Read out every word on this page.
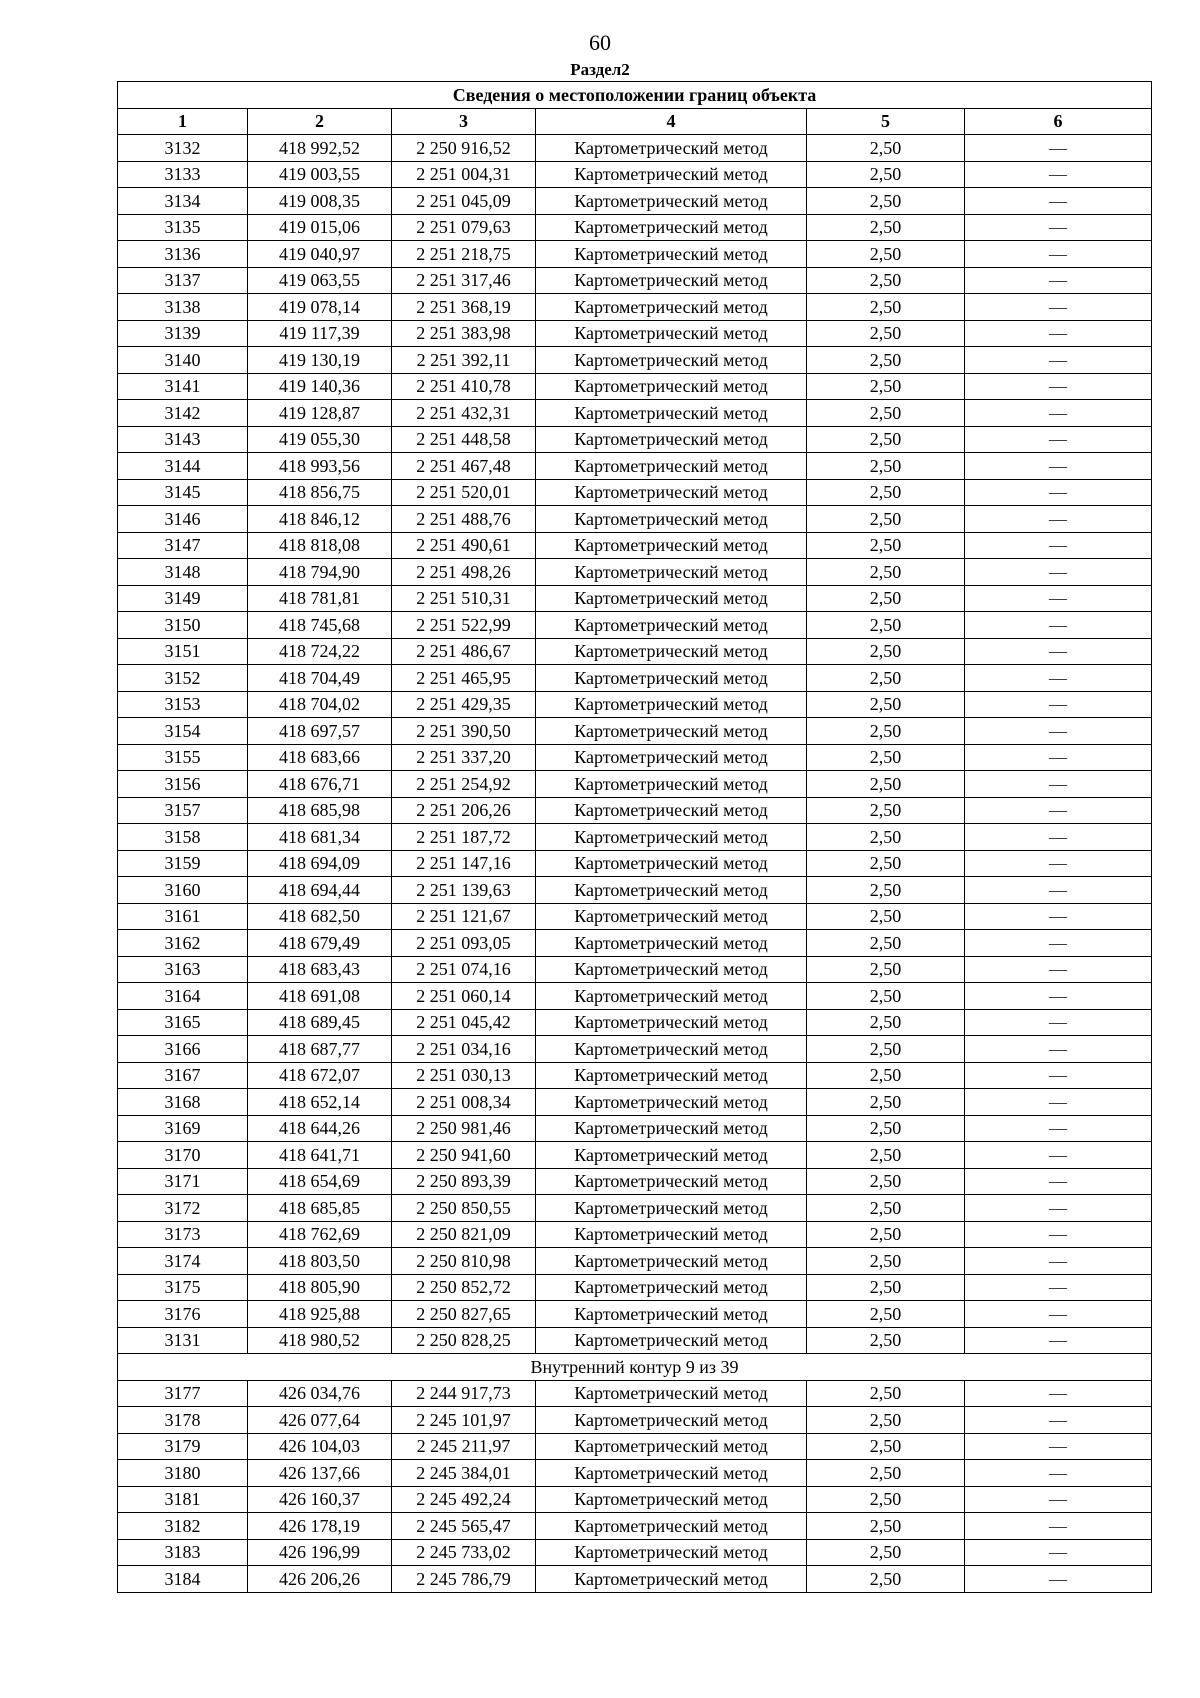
60
Раздел2
Сведения о местоположении границ объекта					
1	2	3	4	5	6
3132	418 992,52	2 250 916,52	Картометрический метод	2,50	—
3133	419 003,55	2 251 004,31	Картометрический метод	2,50	—
3134	419 008,35	2 251 045,09	Картометрический метод	2,50	—
3135	419 015,06	2 251 079,63	Картометрический метод	2,50	—
3136	419 040,97	2 251 218,75	Картометрический метод	2,50	—
3137	419 063,55	2 251 317,46	Картометрический метод	2,50	—
3138	419 078,14	2 251 368,19	Картометрический метод	2,50	—
3139	419 117,39	2 251 383,98	Картометрический метод	2,50	—
3140	419 130,19	2 251 392,11	Картометрический метод	2,50	—
3141	419 140,36	2 251 410,78	Картометрический метод	2,50	—
3142	419 128,87	2 251 432,31	Картометрический метод	2,50	—
3143	419 055,30	2 251 448,58	Картометрический метод	2,50	—
3144	418 993,56	2 251 467,48	Картометрический метод	2,50	—
3145	418 856,75	2 251 520,01	Картометрический метод	2,50	—
3146	418 846,12	2 251 488,76	Картометрический метод	2,50	—
3147	418 818,08	2 251 490,61	Картометрический метод	2,50	—
3148	418 794,90	2 251 498,26	Картометрический метод	2,50	—
3149	418 781,81	2 251 510,31	Картометрический метод	2,50	—
3150	418 745,68	2 251 522,99	Картометрический метод	2,50	—
3151	418 724,22	2 251 486,67	Картометрический метод	2,50	—
3152	418 704,49	2 251 465,95	Картометрический метод	2,50	—
3153	418 704,02	2 251 429,35	Картометрический метод	2,50	—
3154	418 697,57	2 251 390,50	Картометрический метод	2,50	—
3155	418 683,66	2 251 337,20	Картометрический метод	2,50	—
3156	418 676,71	2 251 254,92	Картометрический метод	2,50	—
3157	418 685,98	2 251 206,26	Картометрический метод	2,50	—
3158	418 681,34	2 251 187,72	Картометрический метод	2,50	—
3159	418 694,09	2 251 147,16	Картометрический метод	2,50	—
3160	418 694,44	2 251 139,63	Картометрический метод	2,50	—
3161	418 682,50	2 251 121,67	Картометрический метод	2,50	—
3162	418 679,49	2 251 093,05	Картометрический метод	2,50	—
3163	418 683,43	2 251 074,16	Картометрический метод	2,50	—
3164	418 691,08	2 251 060,14	Картометрический метод	2,50	—
3165	418 689,45	2 251 045,42	Картометрический метод	2,50	—
3166	418 687,77	2 251 034,16	Картометрический метод	2,50	—
3167	418 672,07	2 251 030,13	Картометрический метод	2,50	—
3168	418 652,14	2 251 008,34	Картометрический метод	2,50	—
3169	418 644,26	2 250 981,46	Картометрический метод	2,50	—
3170	418 641,71	2 250 941,60	Картометрический метод	2,50	—
3171	418 654,69	2 250 893,39	Картометрический метод	2,50	—
3172	418 685,85	2 250 850,55	Картометрический метод	2,50	—
3173	418 762,69	2 250 821,09	Картометрический метод	2,50	—
3174	418 803,50	2 250 810,98	Картометрический метод	2,50	—
3175	418 805,90	2 250 852,72	Картометрический метод	2,50	—
3176	418 925,88	2 250 827,65	Картометрический метод	2,50	—
3131	418 980,52	2 250 828,25	Картометрический метод	2,50	—
Внутренний контур 9 из 39					
3177	426 034,76	2 244 917,73	Картометрический метод	2,50	—
3178	426 077,64	2 245 101,97	Картометрический метод	2,50	—
3179	426 104,03	2 245 211,97	Картометрический метод	2,50	—
3180	426 137,66	2 245 384,01	Картометрический метод	2,50	—
3181	426 160,37	2 245 492,24	Картометрический метод	2,50	—
3182	426 178,19	2 245 565,47	Картометрический метод	2,50	—
3183	426 196,99	2 245 733,02	Картометрический метод	2,50	—
3184	426 206,26	2 245 786,79	Картометрический метод	2,50	—
